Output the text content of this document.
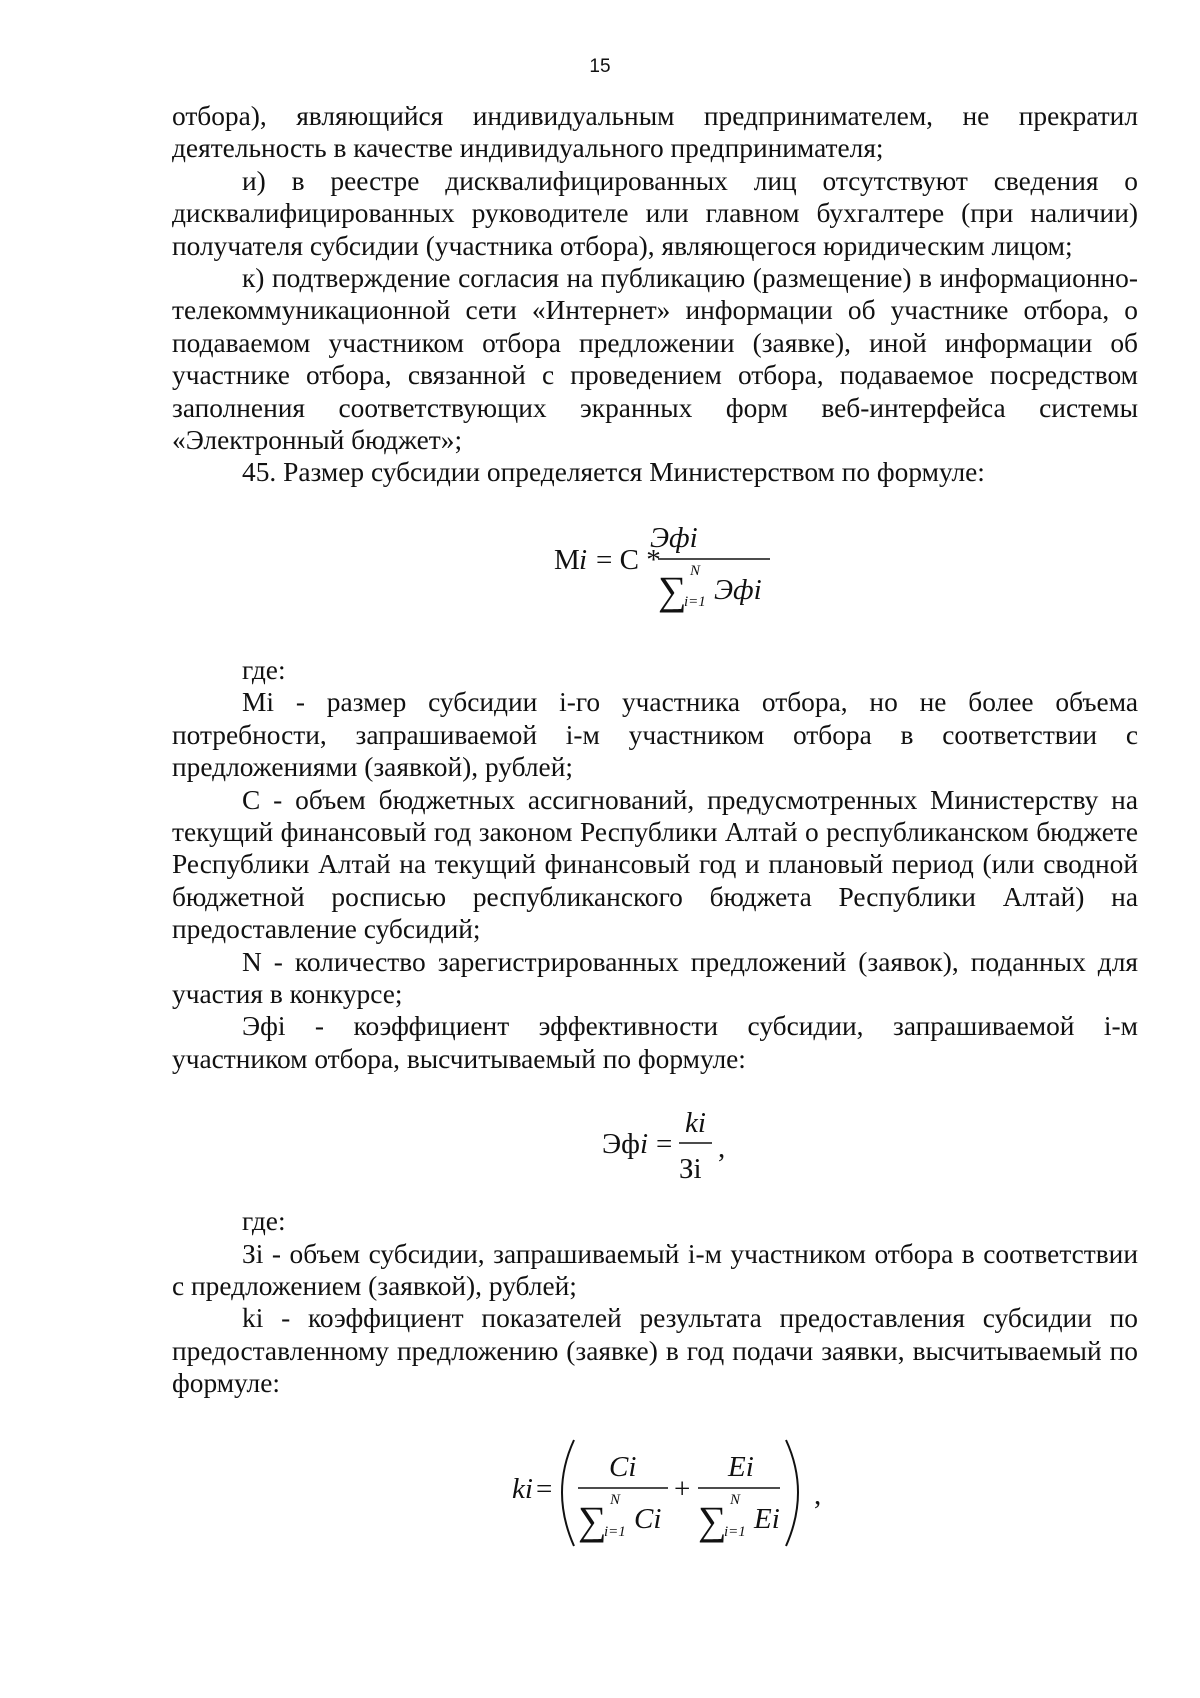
15

отбора), являющийся индивидуальным предпринимателем, не прекратил деятельность в качестве индивидуального предпринимателя;

и) в реестре дисквалифицированных лиц отсутствуют сведения о дисквалифицированных руководителе или главном бухгалтере (при наличии) получателя субсидии (участника отбора), являющегося юридическим лицом;

к) подтверждение согласия на публикацию (размещение) в информационно-телекоммуникационной сети «Интернет» информации об участнике отбора, о подаваемом участником отбора предложении (заявке), иной информации об участнике отбора, связанной с проведением отбора, подаваемое посредством заполнения соответствующих экранных форм веб-интерфейса системы «Электронный бюджет»;

45. Размер субсидии определяется Министерством по формуле:

М i = С *
Эфi
∑ N
i=1 Эфi

где:

Мi - размер субсидии i-го участника отбора, но не более объема потребности, запрашиваемой i-м участником отбора в соответствии с предложениями (заявкой), рублей;

С - объем бюджетных ассигнований, предусмотренных Министерству на текущий финансовый год законом Республики Алтай о республиканском бюджете Республики Алтай на текущий финансовый год и плановый период (или сводной бюджетной росписью республиканского бюджета Республики Алтай) на предоставление субсидий;

N - количество зарегистрированных предложений (заявок), поданных для участия в конкурсе;

Эфi - коэффициент эффективности субсидии, запрашиваемой i-м участником отбора, высчитываемый по формуле:

Эф i =
ki
Зi
,

где:

Зi - объем субсидии, запрашиваемый i-м участником отбора в соответствии с предложением (заявкой), рублей;

ki - коэффициент показателей результата предоставления субсидии по предоставленному предложению (заявке) в год подачи заявки, высчитываемый по формуле:

ki =
Ci
∑ N
i=1 Ci
+
Ei
∑ N
i=1 Ei
,
